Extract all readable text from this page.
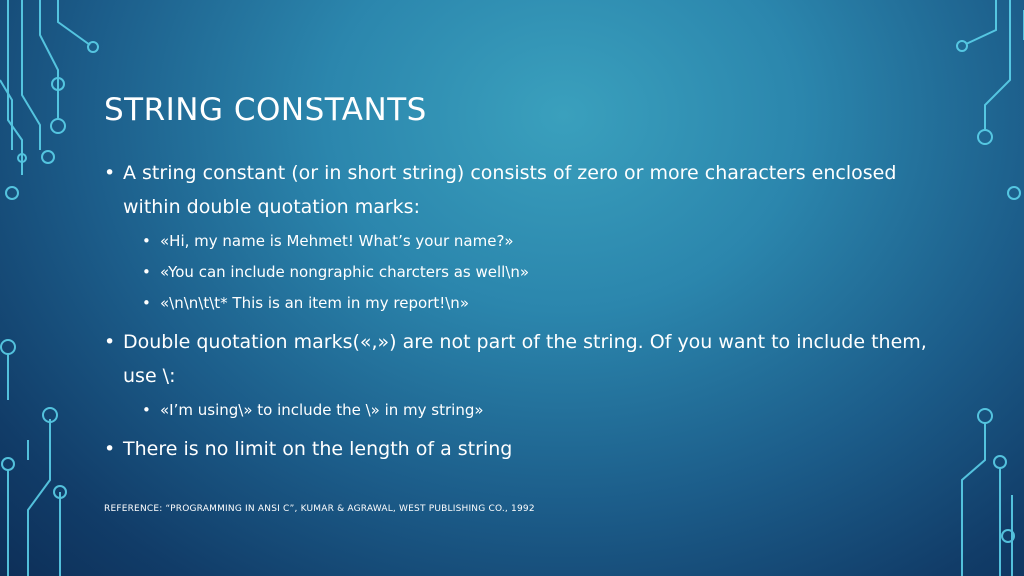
STRING CONSTANTS
• A string constant (or in short string) consists of zero or more characters enclosed within double quotation marks:
• «Hi, my name is Mehmet! What’s your name?»
• «You can include nongraphic charcters as well\n»
• «\n\n\t\t* This is an item in my report!\n»
• Double quotation marks(«,») are not part of the string. Of you want to include them, use \:
• «I’m using\» to include the \» in my string»
• There is no limit on the length of a string
REFERENCE: “PROGRAMMING IN ANSI C”, KUMAR & AGRAWAL, WEST PUBLISHING CO., 1992
